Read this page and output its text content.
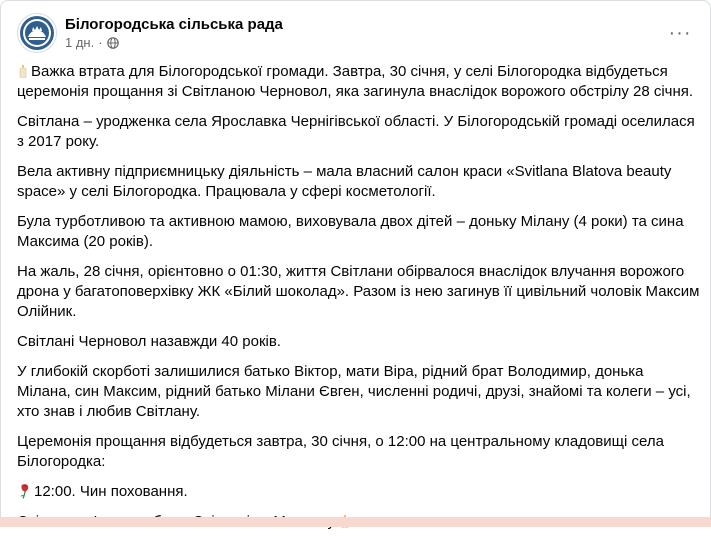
Білогородська сільська рада
1 дн. ·	···

Важка втрата для Білогородської громади. Завтра, 30 січня, у селі Білогородка відбудеться церемонія прощання зі Світланою Черновол, яка загинула внаслідок ворожого обстрілу 28 січня.

Світлана – уродженка села Ярославка Чернігівської області. У Білогородській громаді оселилася з 2017 року.

Вела активну підприємницьку діяльність – мала власний салон краси «Svitlana Blatova beauty space» у селі Білогородка. Працювала у сфері косметології.

Була турботливою та активною мамою, виховувала двох дітей – доньку Мілану (4 роки) та сина Максима (20 років).

На жаль, 28 січня, орієнтовно о 01:30, життя Світлани обірвалося внаслідок влучання ворожого дрона у багатоповерхівку ЖК «Білий шоколад». Разом із нею загинув її цивільний чоловік Максим Олійник.

Світлані Черновол назавжди 40 років.

У глибокій скорботі залишилися батько Віктор, мати Віра, рідний брат Володимир, донька Мілана, син Максим, рідний батько Мілани Євген, численні родичі, друзі, знайомі та колеги – усі, хто знав і любив Світлану.

Церемонія прощання відбудеться завтра, 30 січня, о 12:00 на центральному кладовищі села Білогородка:

12:00. Чин поховання.
